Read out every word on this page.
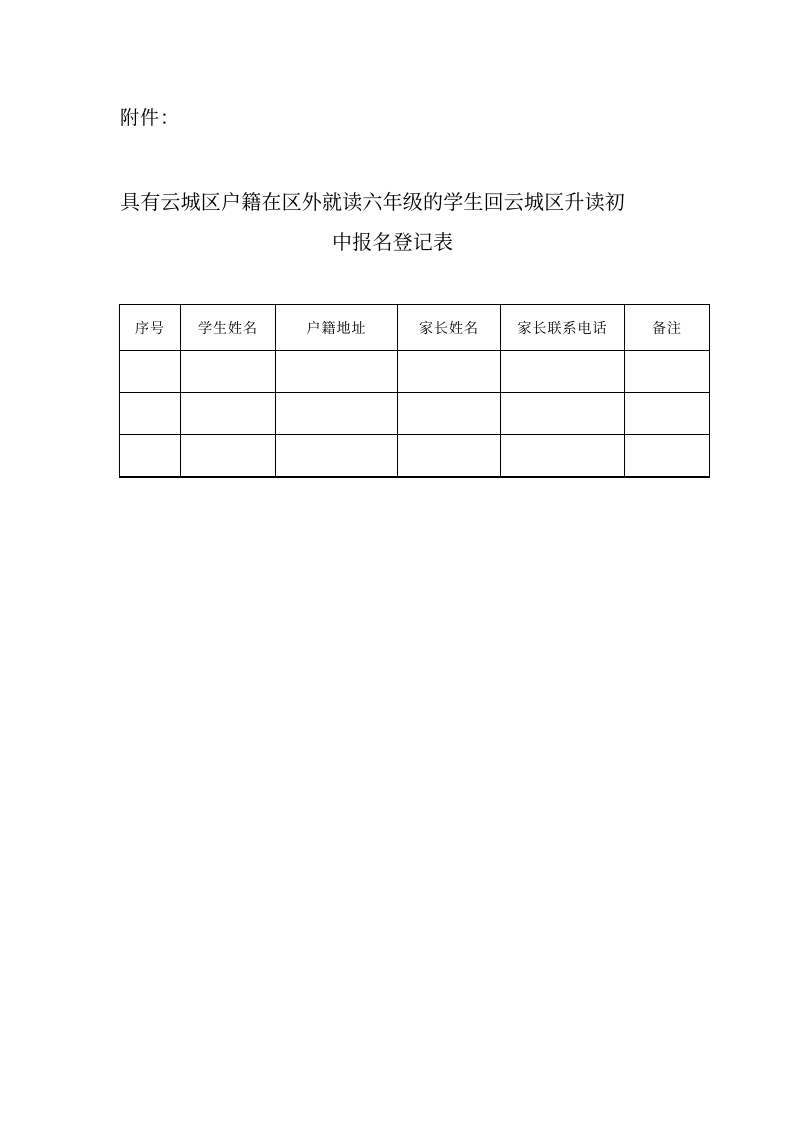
附件：
具有云城区户籍在区外就读六年级的学生回云城区升读初
中报名登记表
序号	学生姓名	户籍地址	家长姓名	家长联系电话	备注
